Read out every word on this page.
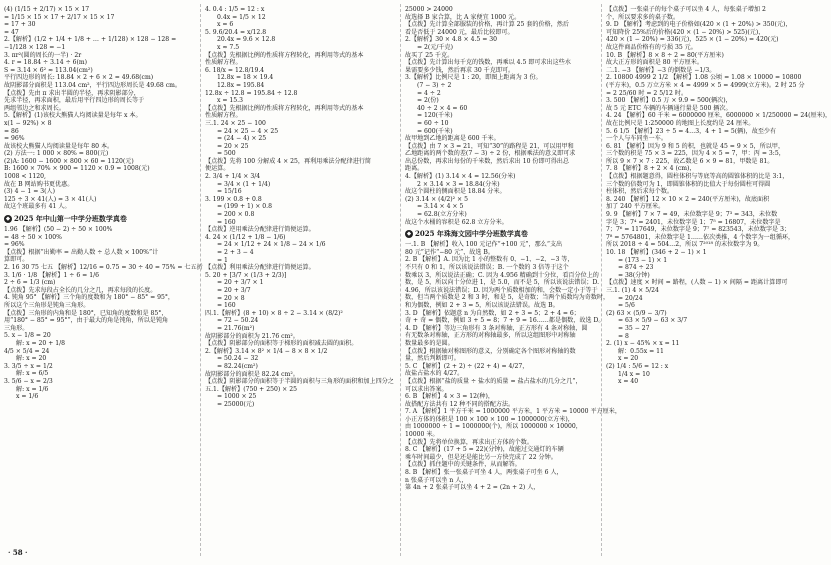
(4) (1/15 + 2/17) × 15 × 17
= 1/15 × 15 × 17 + 2/17 × 15 × 17
= 17 + 30
= 47
2.【解析】(1/2 + 1/4 + 1/8 + … + 1/128) × 128 − 128 =
−1/128 × 128 = −1
3. πr²(圆的周长的一半) · 2r
4. r = 18.84 ÷ 3.14 ÷ 6(m)
S = 3.14 × 6² ≈ 113.04(cm²)
平行四边形的周长: 18.84 × 2 + 6 × 2 = 49.68(cm)
故阴影部分面积是 113.04 cm²，平行四边形周长是 49.68 cm。
【点拨】先由 π 求出半圆的半径，再求阴影部分，
先求半径，再求面积，最后用平行四边形的周长等于
两组邻边之和求周长。
5.【解析】(1)该校大熊猫人均阅读量是每年 x 本。
x(1 − 92%) × 8
= 86
= 96%
故该校大熊猫人均阅读量是每年 80 本。
(2) 方法一: 1 000 × 80% = 800(元)
(2)A: 1600 − 1600 × 800 × 60 = 1120(元)
B: 1600 × 70% × 900 = 1120 × 0.9 = 1008(元)
1008 < 1120,
故在 B 网站购书更优惠。
(3) 4 − 1 = 3(人)
125 ÷ 3 × 41(人) = 3 × 41(人)
故这个班最多有 41 人。
◆ 2025 年中山第一中学分班数学真卷
1.96 【解析】(50 − 2) ÷ 50 × 100%
= 48 ÷ 50 × 100%
= 96%
【点拨】根据“出勤率 = 出勤人数 ÷ 总人数 × 100%”计
算即可。
2. 16 30 75 七五 【解析】12/16 = 0.75 = 30 ÷ 40 = 75% = 七五折
3. 1/6 · 1/8 【解析】1 ÷ 6 = 1/6
2 ÷ 6 = 1/3 (cm)
【点拨】先求每段占全长的几分之几，再求每段的长度。
4. 钝角 95° 【解析】三个角的度数和为 180° − 85° = 95°，
所以这个三角形是钝角三角形。
【点拨】三角形的内角和是 180°，已知角的度数和是 85°，
用“180° − 85° = 95°”，由于最大的角是钝角，所以是钝角
三角形。
5. x − 1/8 = 20
解: x = 20 + 1/8
4/5 × 5/4 = 24
解: x = 20
3. 3/5 ÷ x = 1/2
解: x = 6/5
3. 5/6 − x = 2/3
解: x = 1/6
x = 1/6
4. 0.4 : 1/5 = 12 : x
0.4x = 1/5 × 12
x = 6
5. 9.6/20.4 = x/12.8
20.4x = 9.6 × 12.8
x ≈ 7.5
【点拨】先根据比例的性质将方程转化，再利用等式的基本
性质解方程。
6. 18/x = 12.8/19.4
12.8x = 18 × 19.4
12.8x = 195.84
12.8x ÷ 12.8 = 195.84 ÷ 12.8
x = 15.3
【点拨】先根据比例的性质将方程转化，再利用等式的基本
性质解方程。
三.1. 24 × 25 − 100
= 24 × 25 − 4 × 25
= (24 − 4) × 25
= 20 × 25
= 500
【点拨】先将 100 分解成 4 × 25，再利用乘法分配律进行简
便运算。
2. 3/4 + 1/4 × 3/4
= 3/4 × (1 + 1/4)
= 15/16
3. 199 × 0.8 + 0.8
= (199 + 1) × 0.8
= 200 × 0.8
= 160
【点拨】逆用乘法分配律进行简便运算。
4. 24 × (1/12 + 1/8 − 1/6)
= 24 × 1/12 + 24 × 1/8 − 24 × 1/6
= 2 + 3 − 4
= 1
【点拨】利用乘法分配律进行简便运算。
5. 20 + [3/7 × (1/3 + 2/3)]
= 20 + 3/7 × 1
= 20 + 3/7
= 20 × 8
= 160
四.1.【解析】(8 + 10) × 8 ÷ 2 − 3.14 × (8/2)²
= 72 − 50.24
= 21.76(m²)
故阴影部分的面积为 21.76 cm²。
【点拨】阴影部分的面积等于梯形的面积减去圆的面积。
2.【解析】3.14 × 8² × 1/4 − 8 × 8 × 1/2
= 50.24 − 32
= 82.24(cm²)
故阴影部分的面积是 82.24 cm²。
【点拨】阴影部分的面积等于半圆的面积与三角形的面积和加上四分之
五.1.【解析】(750 + 250) × 25
= 1000 × 25
= 25000(元)
25000 > 24000
故选择 B 家合算，比 A 家便宜 1000 元。
【点拨】先计算全部服装的价格，再计算 25 套的价格，然后
看是否低于 24000 元，最后比较即可。
2.【解析】30 × 4.8 × 4.5 = 30
= 2(元/千克)
故买了 25 千克。
【点拨】先计算出每千克的钱数，再乘以 4.5 即可求出这些水
果需要多少钱，然后再求 30 千克即可。
3.【解析】比例尺是 1 : 20，即图上距离为 3 份。
(7 − 3) ÷ 2
= 4 ÷ 2
= 2(份)
40 ÷ 2 × 4 = 60
= 120(千米)
= 60 ÷ 10
= 600(千米)
故甲地到乙地的距离是 600 千米。
【点拨】由 7 × 3 = 21，可知“30”的路程是 21，可以用甲和
乙地距离的两个数的差(7 − 3) ÷ 2 份，根据乘法的意义即可求
出总份数，再求出每份的千米数，然后求出 10 份即可得出总
距离。
4.【解析】(1) 3.14 × 4 = 12.56(分米)
2 × 3.14 × 3 = 18.84(分米)
故这个圆柱的侧面积是 18.84 分米。
(2) 3.14 × (4/2)² × 5
= 3.14 × 4 × 5
= 62.8(立方分米)
故这个水桶的容积是 62.8 立方分米。
◆ 2025 年珠海文园中学分班数学真卷
一.1. B 【解析】收入 100 元记作“+100 元”，那么“支出
80 元”记作“−80 元”，故选 B。
2. B 【解析】A. 因为比 1 小的整数有 0、−1、−2、−3 等，
不只有 0 和 1，所以该说法错误；B. 一个数的 3 倍等于这个
数乘以 3，所以说法正确；C. 因为 4.956 精确到十分位，看百分位上的
数，是 5，所以向十分位进 1，是 5.0，而不是 5，所以该说法错误；D.
4.96，所以该说法错误；D. 因为两个质数相加的和，会数一定小于等于
数，但当两个质数是 2 和 3 时，和是 5，是奇数；当两个质数均为奇数时，
和为偶数，例如 2 + 3 = 5，所以该说法错误。故选 B。
3. D 【解析】依题意 n 为自然数，如 2 + 3 = 5；2 + 4 = 6；
奇 + 奇 = 偶数，例如 3 + 5 = 8；7 + 9 = 16……都是偶数，故选 D。
4. D 【解析】等边三角形有 3 条对称轴，正方形有 4 条对称轴，圆
有无数条对称轴，正方形的对称轴最多，所以这组图形中对称轴
数量最多的是圆。
【点拨】根据轴对称图形的意义，分别确定各个图形对称轴的数
量，然后判断即可。
5. C 【解析】(2 + 2) ÷ (22 + 4) = 4/27，
故盐占盐水的 4/27。
【点拨】根据“盐的质量 ÷ 盐水的质量 = 盐占盐水的几分之几”，
可以求出答案。
6. B 【解析】4 × 3 = 12(种)，
故搭配方法共有 12 种不同的搭配方法。
7. A 【解析】1 平方千米 = 1000000 平方米，1 平方米 = 10000 平方厘米，
小正方体的体积是 100 × 100 × 100 = 1000000(立方米)，
由 1000000 ÷ 1 = 1000000(个)，所以 1000000 × 10000，
10000 米。
【点拨】先将单位换算，再求出正方体的个数。
8. C 【解析】(17 + 5 = 22)(分钟)，故能过交通灯的车辆
乘车时间最少，但是还是能比另一方快完成了 22 分钟。
【点拨】抓住题中的关键条件，从而解答。
8. B 【解析】张一张桌子可坐 4 人，两张桌子可坐 6 人，
n 张桌子可以坐 n 人，
第 4n + 2 张桌子可以坐 4 + 2 = (2n + 2) 人，
【点拨】一张桌子的每个桌子可以坐 4 人，每张桌子增加 2
个，所以要求多的桌子数。
9. D 【解析】考虑到的电子价格如(420 × (1 + 20%) > 350(元)，
可知降价 25%后的价格(420 × (1 − 20%) > 525)(元)，
420 × (1 − 20%) = 336(元)，525 × (1 − 20%) = 420(元)
故这件商品价格有的亏损 35 元。
10. B 【解析】8 × 8 ÷ 2 = 80(平方厘米)
故大正方形的面积是 80 平方厘米。
二.1. −3 【解析】−3 的倒数是 −1/3。
2. 10800 4999 2 1/2 【解析】1.08 公顷 = 1.08 × 10000 = 10800
(平方米)，0.5 万立方米 × 4 = 4999 × 5 = 4999(立方米)。2 时 25 分
= 2 25/60 时 = 2 5/12 时。
3. 500 【解析】0.5 万 × 9.9 = 500(辆次)，
故 5 元 ETC 车辆的车辆通行量是 500 辆次。
4. 24 【解析】60 千米 = 6000000 厘米，6000000 × 1/250000 = 24(厘米)，
故在比例尺是 1:250000 的地图上长度约是 24 厘米。
5. 6 1/5 【解析】23 ÷ 5 = 4…3，4 + 1 = 5(辆)，故至少有
一个人与车同坐一车。
6. 81 【解析】因为 9 和 5 的积，也就是 45 = 9 × 5，所以甲，
三个数的积是 75 × 3 = 225，因为 4 × 5 = 7，甲：丙 = 3:5，
所以 9 × 7 × 7 : 225，故乙数是 6 × 9 = 81，甲数是 81。
7. 8 【解析】8 + 2 × 4 (cm)，
【点拨】根据题意得，圆柱体积与等底等高的圆锥体积的比是 3:1，
三个数的倍数可为 1，即圆锥体积的比值大于每份圆柱可得圆
柱体积，然后求每个数。
8. 240 【解析】12 × 10 × 2 = 240(平方厘米)，故底面积
加了 240 平方厘米。
9. 9 【解析】7 × 7 = 49，未位数字是 9；7³ = 343，未位数
字是 3；7⁴ = 2401，未位数字是 1；7⁵ = 16807，未位数字是
7；7⁶ = 117649，未位数字是 9；7⁷ = 823543，未位数字是 3；
7⁸ = 5764801，未位数字是 1……依次类推，4 个数字为一组循环，
所以 2018 ÷ 4 = 504…2，所以 7²⁰¹⁸ 的末位数字为 9。
10. 18 【解析】(346 + 2 − 1) × 1
= (173 − 1) × 1
= 874 ÷ 23
= 38(分钟)
【点拨】速度 × 时间 = 路程，(人数 − 1) × 间隔 = 距离计算即可
三.1. (1) 4 × 5/24
= 20/24
= 5/6
(2) 63 × (5/9 − 3/7)
= 63 × 5/9 − 63 × 3/7
= 35 − 27
= 8
2. (1) x − 45% × x = 11
解：0.55x = 11
x = 20
(2) 1/4 : 5/6 = 12 : x
1/4 x = 10
x = 40
· 58 ·
